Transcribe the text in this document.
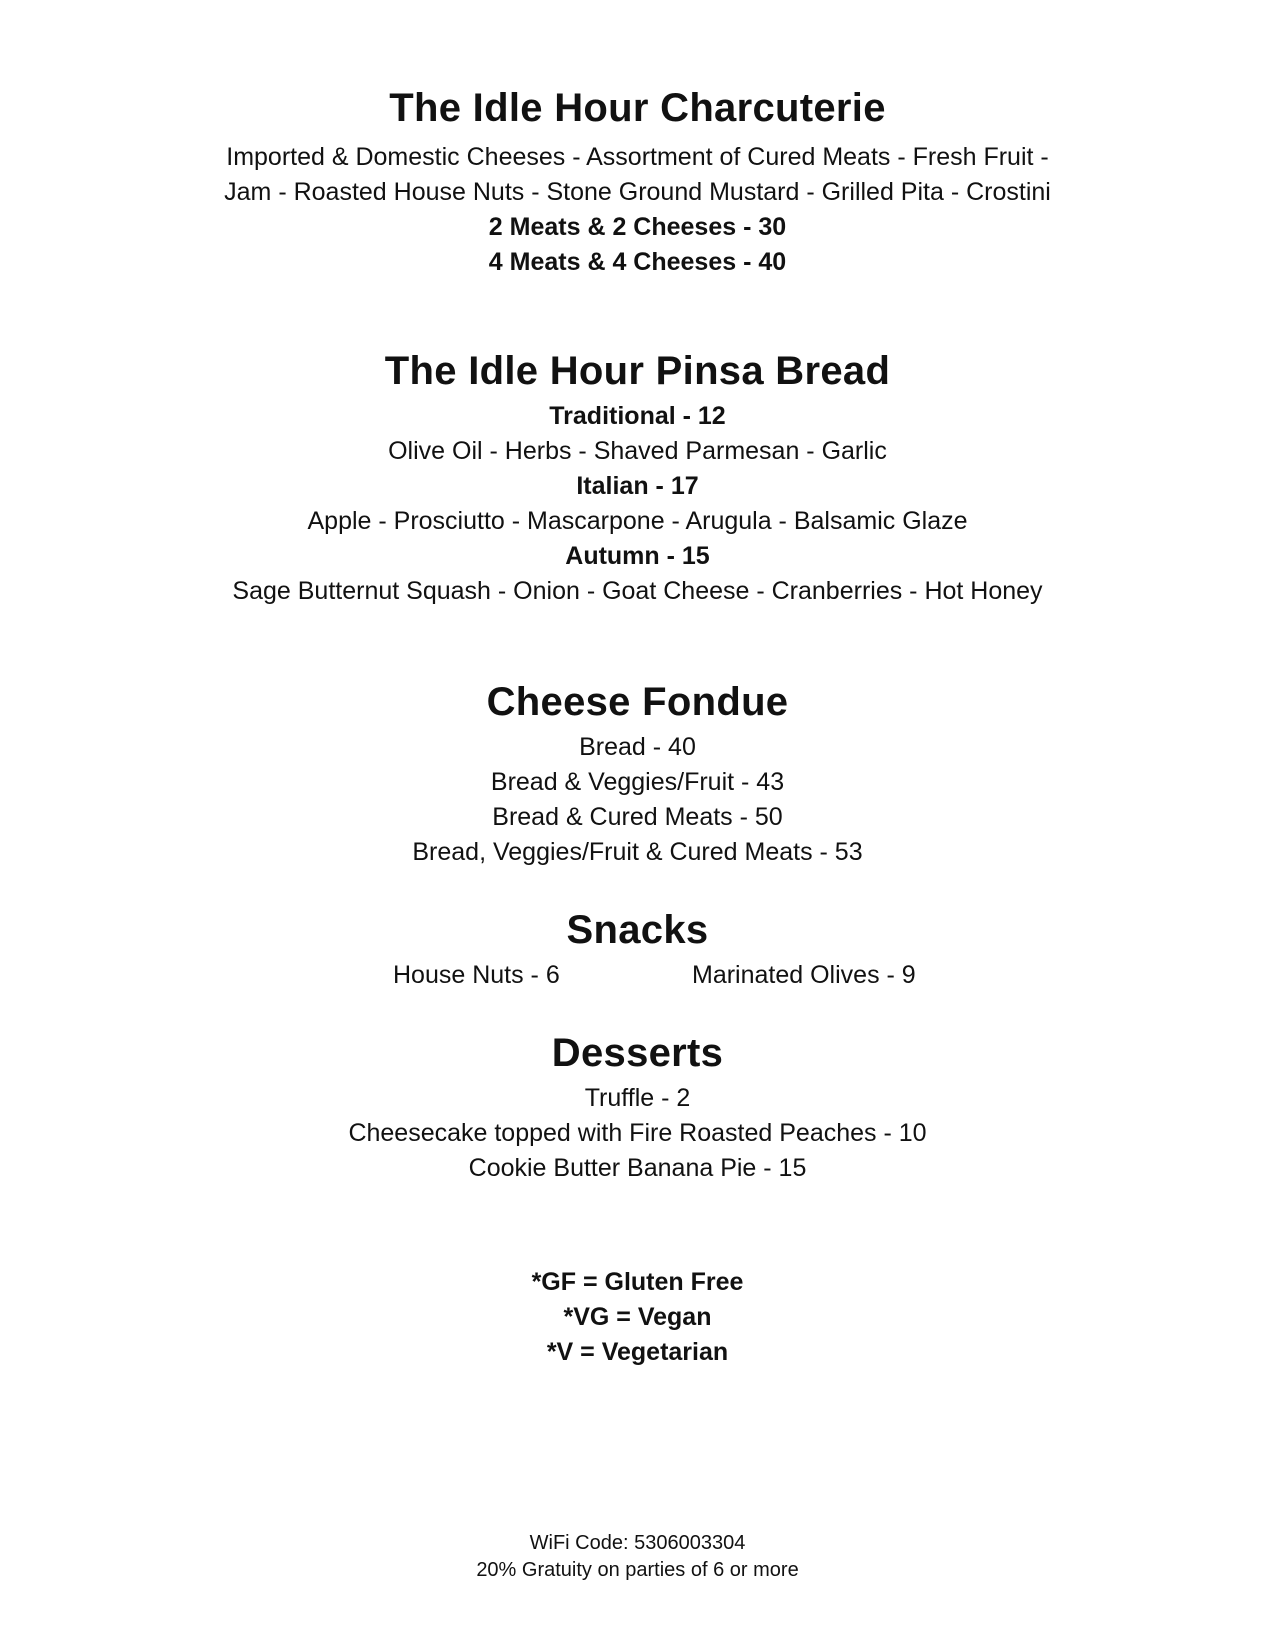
The Idle Hour Charcuterie

Imported & Domestic Cheeses - Assortment of Cured Meats - Fresh Fruit -

Jam - Roasted House Nuts - Stone Ground Mustard - Grilled Pita - Crostini

2 Meats & 2 Cheeses - 30

4 Meats & 4 Cheeses - 40

The Idle Hour Pinsa Bread

Traditional - 12

Olive Oil - Herbs - Shaved Parmesan - Garlic

Italian - 17

Apple - Prosciutto - Mascarpone - Arugula - Balsamic Glaze

Autumn - 15

Sage Butternut Squash - Onion - Goat Cheese - Cranberries - Hot Honey

Cheese Fondue

Bread - 40

Bread & Veggies/Fruit - 43

Bread & Cured Meats - 50

Bread, Veggies/Fruit & Cured Meats - 53

Snacks
House Nuts - 6	Marinated Olives - 9
Desserts

Truffle - 2

Cheesecake topped with Fire Roasted Peaches - 10

Cookie Butter Banana Pie - 15

*GF = Gluten Free

*VG = Vegan

*V = Vegetarian

WiFi Code: 5306003304
20% Gratuity on parties of 6 or more
